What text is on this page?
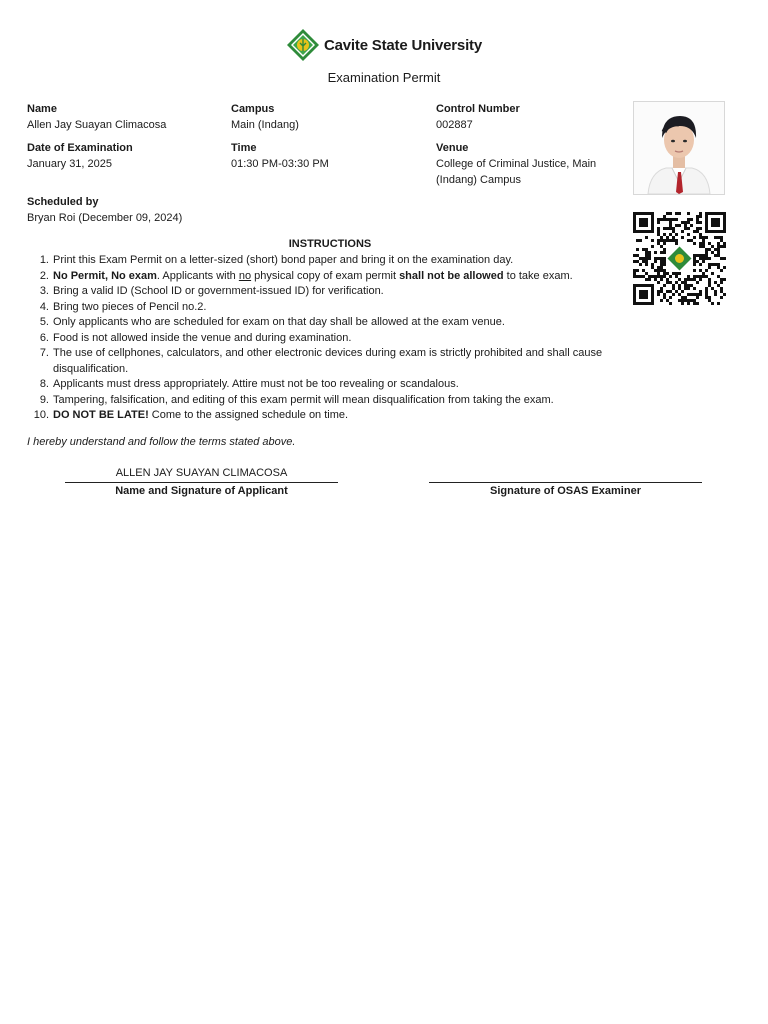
Cavite State University
Examination Permit
Name
Allen Jay Suayan Climacosa
Campus
Main (Indang)
Control Number
002887
Date of Examination
January 31, 2025
Time
01:30 PM-03:30 PM
Venue
College of Criminal Justice, Main (Indang) Campus
Scheduled by
Bryan Roi (December 09, 2024)
INSTRUCTIONS
1. Print this Exam Permit on a letter-sized (short) bond paper and bring it on the examination day.
2. No Permit, No exam. Applicants with no physical copy of exam permit shall not be allowed to take exam.
3. Bring a valid ID (School ID or government-issued ID) for verification.
4. Bring two pieces of Pencil no.2.
5. Only applicants who are scheduled for exam on that day shall be allowed at the exam venue.
6. Food is not allowed inside the venue and during examination.
7. The use of cellphones, calculators, and other electronic devices during exam is strictly prohibited and shall cause disqualification.
8. Applicants must dress appropriately. Attire must not be too revealing or scandalous.
9. Tampering, falsification, and editing of this exam permit will mean disqualification from taking the exam.
10. DO NOT BE LATE! Come to the assigned schedule on time.
I hereby understand and follow the terms stated above.
ALLEN JAY SUAYAN CLIMACOSA
Name and Signature of Applicant	Signature of OSAS Examiner
